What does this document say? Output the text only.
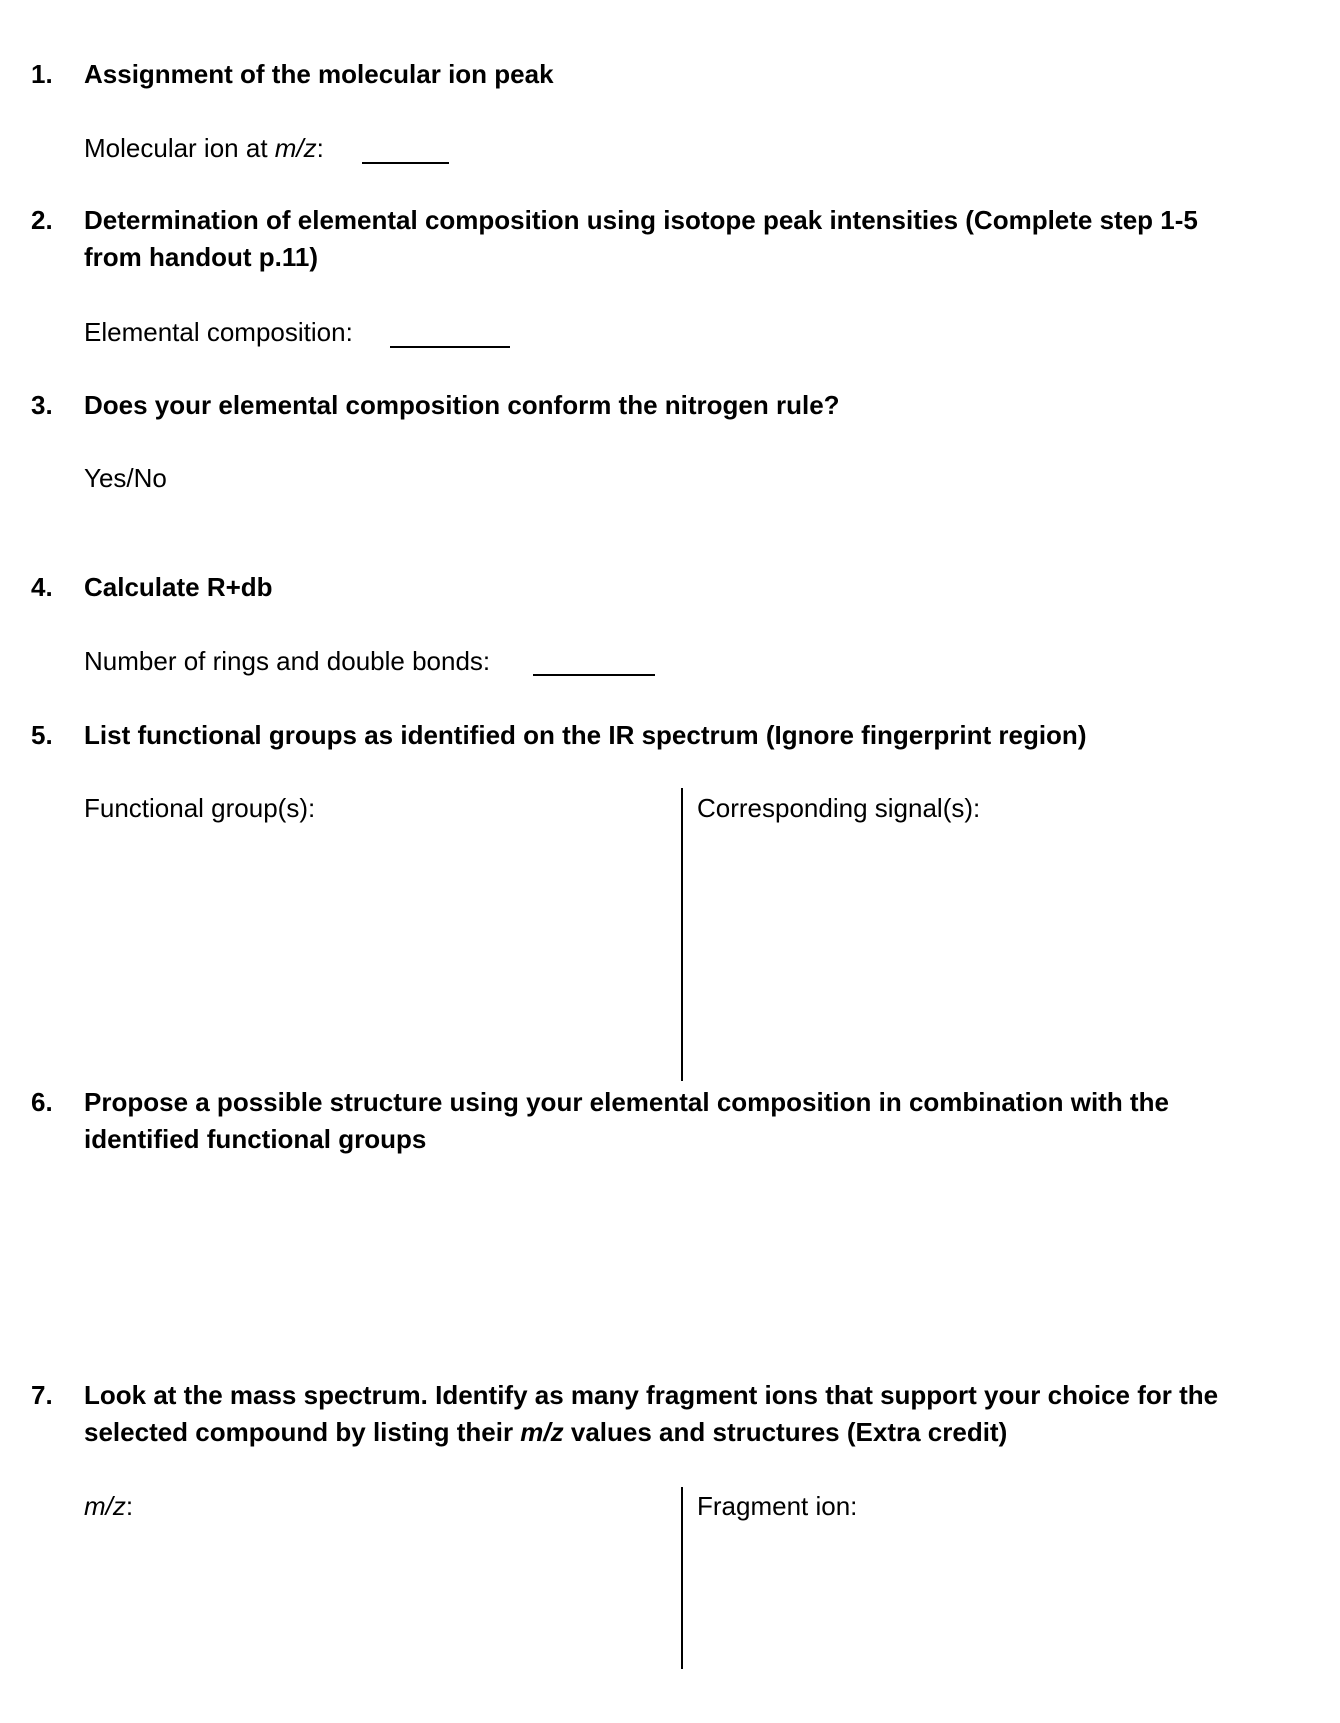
1. Assignment of the molecular ion peak
Molecular ion at m/z:
2. Determination of elemental composition using isotope peak intensities (Complete step 1-5
from handout p.11)
Elemental composition:
3. Does your elemental composition conform the nitrogen rule?
Yes/No
4. Calculate R+db
Number of rings and double bonds:
5. List functional groups as identified on the IR spectrum (Ignore fingerprint region)
Functional group(s):	Corresponding signal(s):
6. Propose a possible structure using your elemental composition in combination with the
identified functional groups
7. Look at the mass spectrum. Identify as many fragment ions that support your choice for the
selected compound by listing their m/z values and structures (Extra credit)
m/z:	Fragment ion:
